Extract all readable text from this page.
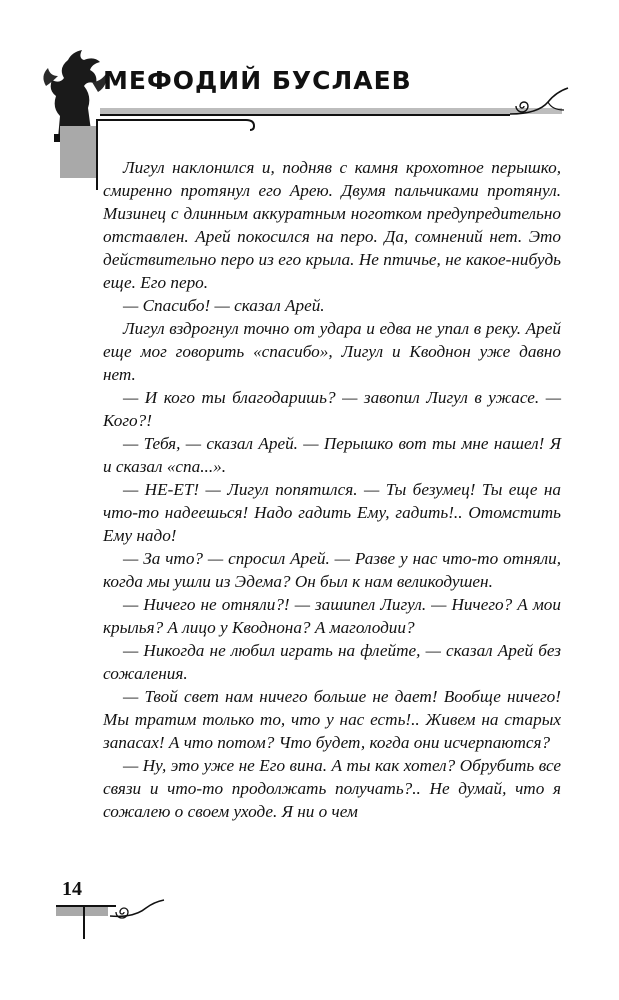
МЕФОДИЙ БУСЛАЕВ

Лигул наклонился и, подняв с камня крохотное перышко, смиренно протянул его Арею. Двумя пальчиками протянул. Мизинец с длинным аккуратным ноготком предупредительно отставлен. Арей покосился на перо. Да, сомнений нет. Это действительно перо из его крыла. Не птичье, не какое-нибудь еще. Его перо.

— Спасибо! — сказал Арей.

Лигул вздрогнул точно от удара и едва не упал в реку. Арей еще мог говорить «спасибо», Лигул и Кводнон уже давно нет.

— И кого ты благодаришь? — завопил Лигул в ужасе. — Кого?!

— Тебя, — сказал Арей. — Перышко вот ты мне нашел! Я и сказал «спа...».

— НЕ-ЕТ! — Лигул попятился. — Ты безумец! Ты еще на что-то надеешься! Надо гадить Ему, гадить!.. Отомстить Ему надо!

— За что? — спросил Арей. — Разве у нас что-то отняли, когда мы ушли из Эдема? Он был к нам великодушен.

— Ничего не отняли?! — зашипел Лигул. — Ничего? А мои крылья? А лицо у Кводнона? А маголодии?

— Никогда не любил играть на флейте, — сказал Арей без сожаления.

— Твой свет нам ничего больше не дает! Вообще ничего! Мы тратим только то, что у нас есть!.. Живем на старых запасах! А что потом? Что будет, когда они исчерпаются?

— Ну, это уже не Его вина. А ты как хотел? Обрубить все связи и что-то продолжать получать?.. Не думай, что я сожалею о своем уходе. Я ни о чем

14
